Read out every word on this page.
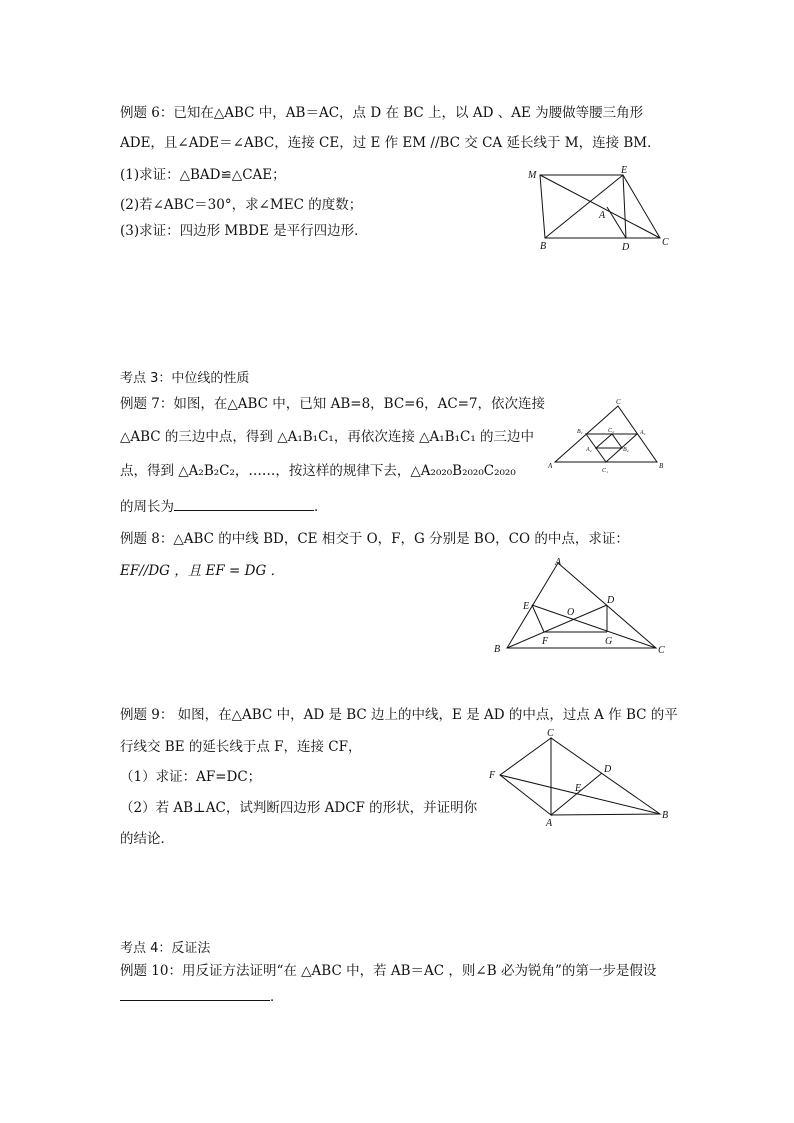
例题 6：已知在△ABC 中，AB＝AC，点 D 在 BC 上，以 AD 、AE 为腰做等腰三角形
ADE，且∠ADE＝∠ABC，连接 CE，过 E 作 EM //BC 交 CA 延长线于 M，连接 BM．
(1)求证：△BAD≌△CAE；
(2)若∠ABC＝30°，求∠MEC 的度数；
(3)求证：四边形 MBDE 是平行四边形．
M	E
A
B	D	C
考点 3：中位线的性质
例题 7：如图，在△ABC 中，已知 AB=8，BC=6，AC=7，依次连接
△ABC 的三边中点，得到 △A₁B₁C₁，再依次连接 △A₁B₁C₁ 的三边中
点，得到 △A₂B₂C₂，……，按这样的规律下去，△A₂₀₂₀B₂₀₂₀C₂₀₂₀
的周长为	．
C
B₁	C₂	A₁
A₂	B₂
A
C₁
B
例题 8：△ABC 的中线 BD，CE 相交于 O，F，G 分别是 BO，CO 的中点，求证：
EF//DG ，且 EF = DG ．
A
E
O
D
F	G
B	C
例题 9： 如图，在△ABC 中，AD 是 BC 边上的中线，E 是 AD 的中点，过点 A 作 BC 的平
行线交 BE 的延长线于点 F，连接 CF，
（1）求证：AF=DC；
（2）若 AB⊥AC，试判断四边形 ADCF 的形状，并证明你
的结论．
C
D
F
E
A
B
考点 4：反证法
例题 10：用反证方法证明“在 △ABC 中，若 AB＝AC ，则∠B 必为锐角”的第一步是假设
．
